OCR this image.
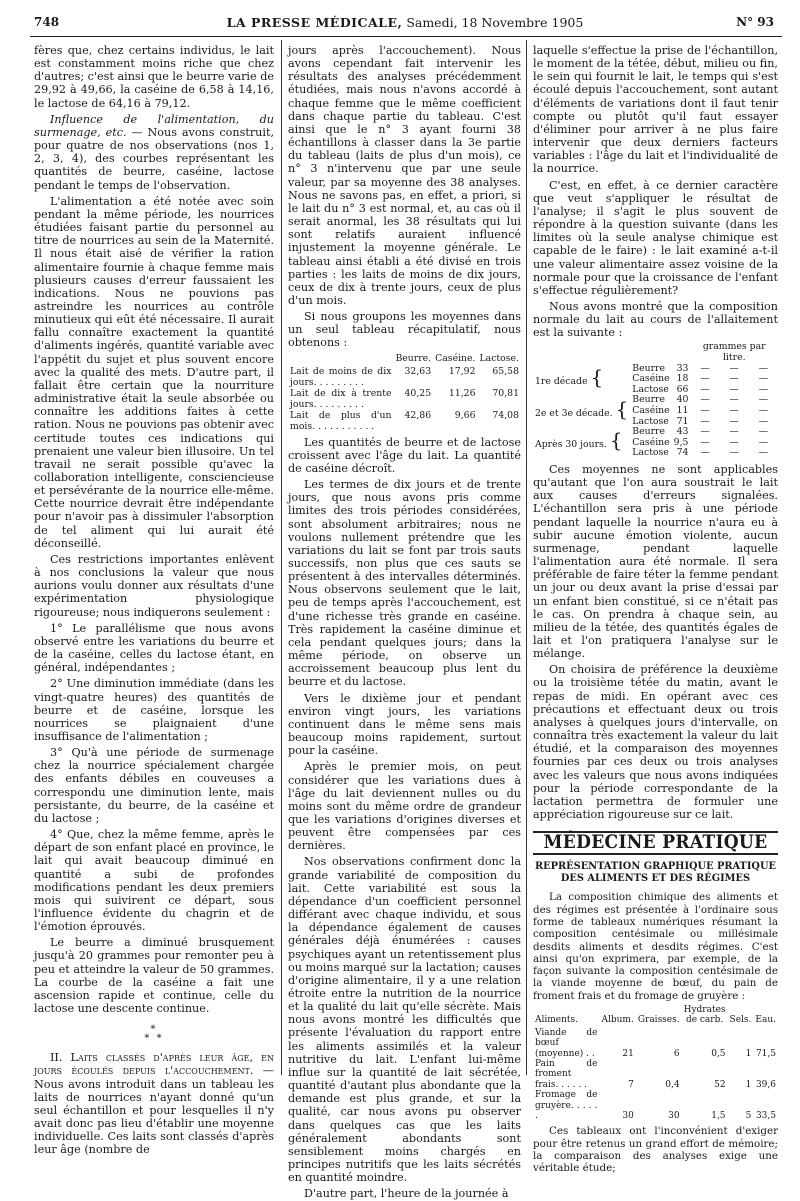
748	LA PRESSE MÉDICALE, Samedi, 18 Novembre 1905	N° 93

fères que, chez certains individus, le lait est constamment moins riche que chez d'autres; c'est ainsi que le beurre varie de 29,92 à 49,66, la caséine de 6,58 à 14,16, le lactose de 64,16 à 79,12.

Influence de l'alimentation, du surmenage, etc. — Nous avons construit, pour quatre de nos observations (nos 1, 2, 3, 4), des courbes représentant les quantités de beurre, caséine, lactose pendant le temps de l'observation.

L'alimentation a été notée avec soin pendant la même période, les nourrices étudiées faisant partie du personnel au titre de nourrices au sein de la Maternité. Il nous était aisé de vérifier la ration alimentaire fournie à chaque femme mais plusieurs causes d'erreur faussaient les indications. Nous ne pouvions pas astreindre les nourrices au contrôle minutieux qui eût été nécessaire. Il aurait fallu connaître exactement la quantité d'aliments ingérés, quantité variable avec l'appétit du sujet et plus souvent encore avec la qualité des mets. D'autre part, il fallait être certain que la nourriture administrative était la seule absorbée ou connaître les additions faites à cette ration. Nous ne pouvions pas obtenir avec certitude toutes ces indications qui prenaient une valeur bien illusoire. Un tel travail ne serait possible qu'avec la collaboration intelligente, consciencieuse et persévérante de la nourrice elle-même. Cette nourrice devrait être indépendante pour n'avoir pas à dissimuler l'absorption de tel aliment qui lui aurait été déconseillé.

Ces restrictions importantes enlèvent à nos conclusions la valeur que nous aurions voulu donner aux résultats d'une expérimentation physiologique rigoureuse; nous indiquerons seulement :

1° Le parallélisme que nous avons observé entre les variations du beurre et de la caséine, celles du lactose étant, en général, indépendantes ;

2° Une diminution immédiate (dans les vingt-quatre heures) des quantités de beurre et de caséine, lorsque les nourrices se plaignaient d'une insuffisance de l'alimentation ;

3° Qu'à une période de surmenage chez la nourrice spécialement chargée des enfants débiles en couveuses a correspondu une diminution lente, mais persistante, du beurre, de la caséine et du lactose ;

4° Que, chez la même femme, après le départ de son enfant placé en province, le lait qui avait beaucoup diminué en quantité a subi de profondes modifications pendant les deux premiers mois qui suivirent ce départ, sous l'influence évidente du chagrin et de l'émotion éprouvés.

Le beurre a diminué brusquement jusqu'à 20 grammes pour remonter peu à peu et atteindre la valeur de 50 grammes. La courbe de la caséine a fait une ascension rapide et continue, celle du lactose une descente continue.

*
* *

II. Laits classés d'après leur âge, en jours écoulés depuis l'accouchement. — Nous avons introduit dans un tableau les laits de nourrices n'ayant donné qu'un seul échantillon et pour lesquelles il n'y avait donc pas lieu d'établir une moyenne individuelle. Ces laits sont classés d'après leur âge (nombre de

jours après l'accouchement). Nous avons cependant fait intervenir les résultats des analyses précédemment étudiées, mais nous n'avons accordé à chaque femme que le même coefficient dans chaque partie du tableau. C'est ainsi que le n° 3 ayant fourni 38 échantillons à classer dans la 3e partie du tableau (laits de plus d'un mois), ce n° 3 n'intervenu que par une seule valeur, par sa moyenne des 38 analyses. Nous ne savons pas, en effet, a priori, si le lait du n° 3 est normal, et, au cas où il serait anormal, les 38 résultats qui lui sont relatifs auraient influencé injustement la moyenne générale. Le tableau ainsi établi a été divisé en trois parties : les laits de moins de dix jours, ceux de dix à trente jours, ceux de plus d'un mois.

Si nous groupons les moyennes dans un seul tableau récapitulatif, nous obtenons :

	Beurre.	Caséine.	Lactose.
Lait de moins de dix jours. . . . . . . . .	32,63	17,92	65,58
Lait de dix à trente jours. . . . . . . . .	40,25	11,26	70,81
Lait de plus d'un mois. . . . . . . . . . .	42,86	9,66	74,08

Les quantités de beurre et de lactose croissent avec l'âge du lait. La quantité de caséine décroît.

Les termes de dix jours et de trente jours, que nous avons pris comme limites des trois périodes considérées, sont absolument arbitraires; nous ne voulons nullement prétendre que les variations du lait se font par trois sauts successifs, non plus que ces sauts se présentent à des intervalles déterminés. Nous observons seulement que le lait, peu de temps après l'accouchement, est d'une richesse très grande en caséine. Très rapidement la caséine diminue et cela pendant quelques jours; dans la même période, on observe un accroissement beaucoup plus lent du beurre et du lactose.

Vers le dixième jour et pendant environ vingt jours, les variations continuent dans le même sens mais beaucoup moins rapidement, surtout pour la caséine.

Après le premier mois, on peut considérer que les variations dues à l'âge du lait deviennent nulles ou du moins sont du même ordre de grandeur que les variations d'origines diverses et peuvent être compensées par ces dernières.

Nos observations confirment donc la grande variabilité de composition du lait. Cette variabilité est sous la dépendance d'un coefficient personnel différant avec chaque individu, et sous la dépendance également de causes générales déjà énumérées : causes psychiques ayant un retentissement plus ou moins marqué sur la lactation; causes d'origine alimentaire, il y a une relation étroite entre la nutrition de la nourrice et la qualité du lait qu'elle sécrète. Mais nous avons montré les difficultés que présente l'évaluation du rapport entre les aliments assimilés et la valeur nutritive du lait. L'enfant lui-même influe sur la quantité de lait sécrétée, quantité d'autant plus abondante que la demande est plus grande, et sur la qualité, car nous avons pu observer dans quelques cas que les laits généralement abondants sont sensiblement moins chargés en principes nutritifs que les laits sécrétés en quantité moindre.

D'autre part, l'heure de la journée à

laquelle s'effectue la prise de l'échantillon, le moment de la tétée, début, milieu ou fin, le sein qui fournit le lait, le temps qui s'est écoulé depuis l'accouchement, sont autant d'éléments de variations dont il faut tenir compte ou plutôt qu'il faut essayer d'éliminer pour arriver à ne plus faire intervenir que deux derniers facteurs variables : l'âge du lait et l'individualité de la nourrice.

C'est, en effet, à ce dernier caractère que veut s'appliquer le résultat de l'analyse; il s'agit le plus souvent de répondre à la question suivante (dans les limites où la seule analyse chimique est capable de le faire) : le lait examiné a-t-il une valeur alimentaire assez voisine de la normale pour que la croissance de l'enfant s'effectue régulièrement?

Nous avons montré que la composition normale du lait au cours de l'allaitement est la suivante :

			grammes par litre.		
1re décade {	Beurre	33	—	—	—
	Caséine	18	—	—	—
	Lactose	66	—	—	—
2e et 3e décade. {	Beurre	40	—	—	—
	Caséine	11	—	—	—
	Lactose	71	—	—	—
Après 30 jours. {	Beurre	43	—	—	—
	Caséine	9,5	—	—	—
	Lactose	74	—	—	—

Ces moyennes ne sont applicables qu'autant que l'on aura soustrait le lait aux causes d'erreurs signalées. L'échantillon sera pris à une période pendant laquelle la nourrice n'aura eu à subir aucune émotion violente, aucun surmenage, pendant laquelle l'alimentation aura été normale. Il sera préférable de faire téter la femme pendant un jour ou deux avant la prise d'essai par un enfant bien constitué, si ce n'était pas le cas. On prendra à chaque sein, au milieu de la tétée, des quantités égales de lait et l'on pratiquera l'analyse sur le mélange.

On choisira de préférence la deuxième ou la troisième tétée du matin, avant le repas de midi. En opérant avec ces précautions et effectuant deux ou trois analyses à quelques jours d'intervalle, on connaîtra très exactement la valeur du lait étudié, et la comparaison des moyennes fournies par ces deux ou trois analyses avec les valeurs que nous avons indiquées pour la période correspondante de la lactation permettra de formuler une appréciation rigoureuse sur ce lait.

MÉDECINE PRATIQUE
REPRÉSENTATION GRAPHIQUE PRATIQUE DES ALIMENTS ET DES RÉGIMES

La composition chimique des aliments et des régimes est présentée à l'ordinaire sous forme de tableaux numériques résumant la composition centésimale ou millésimale desdits aliments et desdits régimes. C'est ainsi qu'on exprimera, par exemple, de la façon suivante la composition centésimale de la viande moyenne de bœuf, du pain de froment frais et du fromage de gruyère :

Aliments.	Album.	Graisses.	Hydrates de carb.	Sels.	Eau.
Viande de bœuf (moyenne) . .	21	6	0,5	1	71,5
Pain de froment frais. . . . . .	7	0,4	52	1	39,6
Fromage de gruyère. . . . . .	30	30	1,5	5	33,5

Ces tableaux ont l'inconvénient d'exiger pour être retenus un grand effort de mémoire; la comparaison des analyses exige une véritable étude;
